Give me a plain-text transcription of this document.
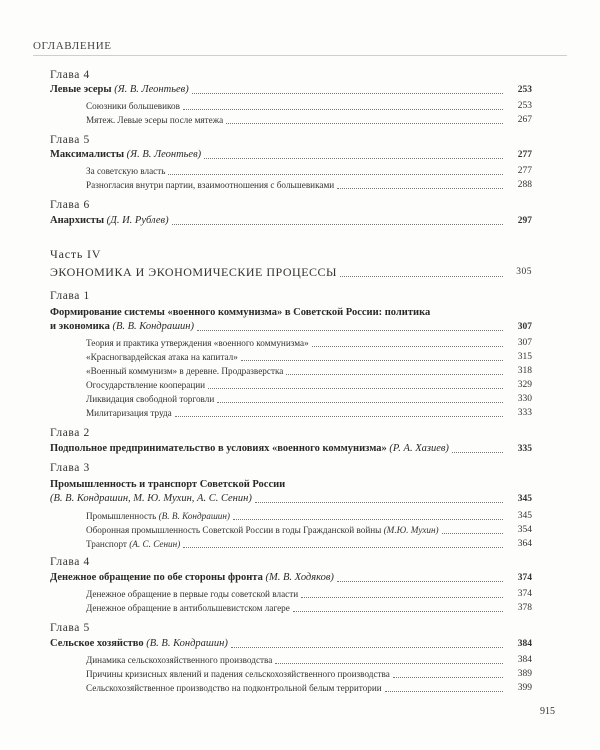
ОГЛАВЛЕНИЕ
Глава 4
Левые эсеры (Я. В. Леонтьев)	253
Союзники большевиков	253
Мятеж. Левые эсеры после мятежа	267
Глава 5
Максималисты (Я. В. Леонтьев)	277
За советскую власть	277
Разногласия внутри партии, взаимоотношения с большевиками	288
Глава 6
Анархисты (Д. И. Рублев)	297
Часть IV
ЭКОНОМИКА И ЭКОНОМИЧЕСКИЕ ПРОЦЕССЫ	305
Глава 1
Формирование системы «военного коммунизма» в Советской России: политика
и экономика (В. В. Кондрашин)	307
Теория и практика утверждения «военного коммунизма»	307
«Красногвардейская атака на капитал»	315
«Военный коммунизм» в деревне. Продразверстка	318
Огосударствление кооперации	329
Ликвидация свободной торговли	330
Милитаризация труда	333
Глава 2
Подпольное предпринимательство в условиях «военного коммунизма» (Р. А. Хазиев)	335
Глава 3
Промышленность и транспорт Советской России
(В. В. Кондрашин, М. Ю. Мухин, А. С. Сенин)	345
Промышленность (В. В. Кондрашин)	345
Оборонная промышленность Советской России в годы Гражданской войны (М.Ю. Мухин)	354
Транспорт (А. С. Сенин)	364
Глава 4
Денежное обращение по обе стороны фронта (М. В. Ходяков)	374
Денежное обращение в первые годы советской власти	374
Денежное обращение в антибольшевистском лагере	378
Глава 5
Сельское хозяйство (В. В. Кондрашин)	384
Динамика сельскохозяйственного производства	384
Причины кризисных явлений и падения сельскохозяйственного производства	389
Сельскохозяйственное производство на подконтрольной белым территории	399
915
